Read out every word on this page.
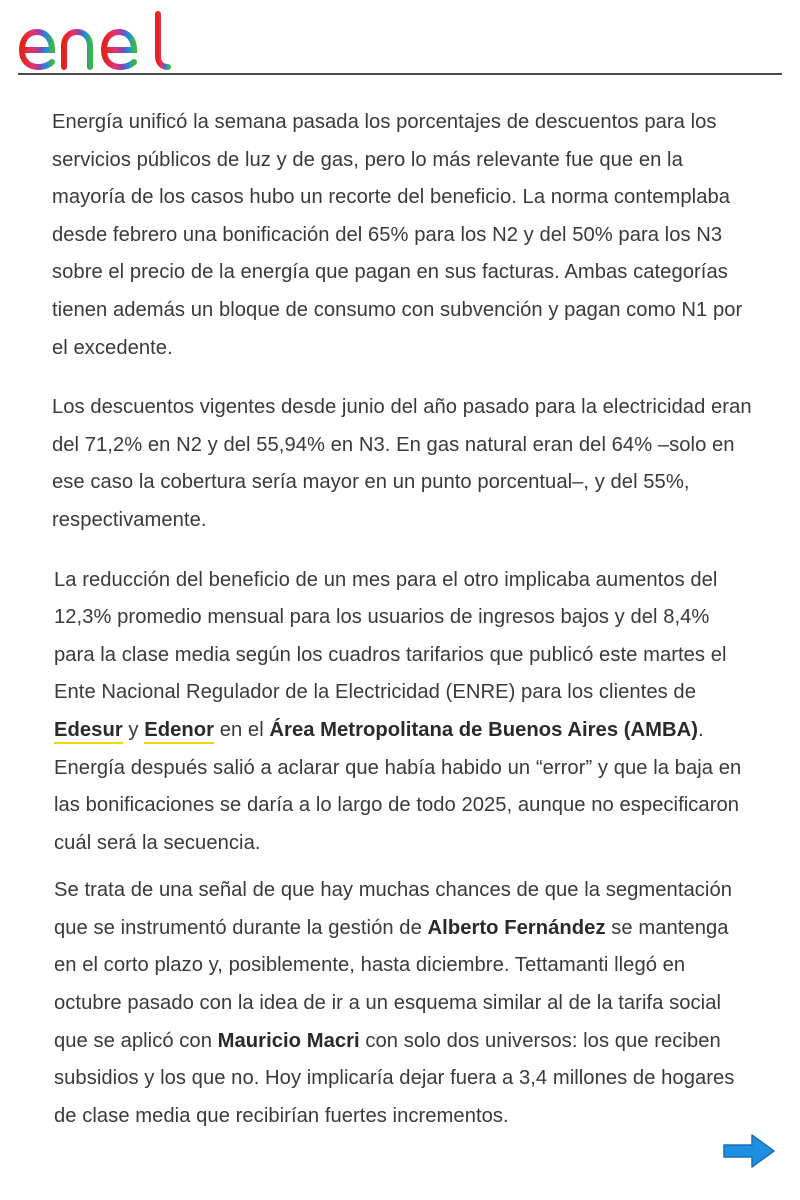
Energía unificó la semana pasada los porcentajes de descuentos para los servicios públicos de luz y de gas, pero lo más relevante fue que en la mayoría de los casos hubo un recorte del beneficio. La norma contemplaba desde febrero una bonificación del 65% para los N2 y del 50% para los N3 sobre el precio de la energía que pagan en sus facturas. Ambas categorías tienen además un bloque de consumo con subvención y pagan como N1 por el excedente.

Los descuentos vigentes desde junio del año pasado para la electricidad eran del 71,2% en N2 y del 55,94% en N3. En gas natural eran del 64% –solo en ese caso la cobertura sería mayor en un punto porcentual–, y del 55%, respectivamente.

La reducción del beneficio de un mes para el otro implicaba aumentos del 12,3% promedio mensual para los usuarios de ingresos bajos y del 8,4% para la clase media según los cuadros tarifarios que publicó este martes el Ente Nacional Regulador de la Electricidad (ENRE) para los clientes de Edesur y Edenor en el Área Metropolitana de Buenos Aires (AMBA). Energía después salió a aclarar que había habido un “error” y que la baja en las bonificaciones se daría a lo largo de todo 2025, aunque no especificaron cuál será la secuencia.

Se trata de una señal de que hay muchas chances de que la segmentación que se instrumentó durante la gestión de Alberto Fernández se mantenga en el corto plazo y, posiblemente, hasta diciembre. Tettamanti llegó en octubre pasado con la idea de ir a un esquema similar al de la tarifa social que se aplicó con Mauricio Macri con solo dos universos: los que reciben subsidios y los que no. Hoy implicaría dejar fuera a 3,4 millones de hogares de clase media que recibirían fuertes incrementos.
